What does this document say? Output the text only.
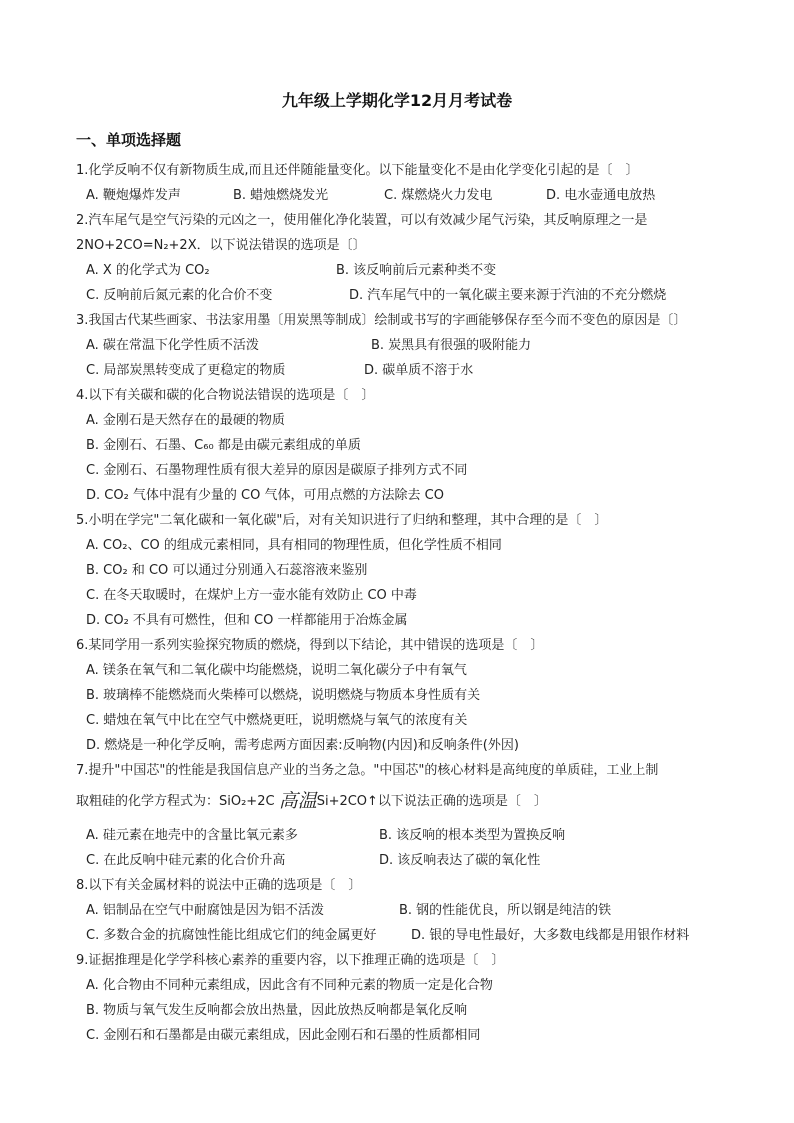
九年级上学期化学12月月考试卷
一、单项选择题
1.化学反响不仅有新物质生成,而且还伴随能量变化。以下能量变化不是由化学变化引起的是〔　〕
A. 鞭炮爆炸发声	B. 蜡烛燃烧发光	C. 煤燃烧火力发电	D. 电水壶通电放热
2.汽车尾气是空气污染的元凶之一，使用催化净化装置，可以有效减少尾气污染，其反响原理之一是
2NO+2CO=N₂+2X．以下说法错误的选项是〔〕
A. X 的化学式为 CO₂	B. 该反响前后元素种类不变
C. 反响前后氮元素的化合价不变	D. 汽车尾气中的一氧化碳主要来源于汽油的不充分燃烧
3.我国古代某些画家、书法家用墨〔用炭黑等制成〕绘制或书写的字画能够保存至今而不变色的原因是〔〕
A. 碳在常温下化学性质不活泼	B. 炭黑具有很强的吸附能力
C. 局部炭黑转变成了更稳定的物质	D. 碳单质不溶于水
4.以下有关碳和碳的化合物说法错误的选项是〔　〕
A. 金刚石是天然存在的最硬的物质
B. 金刚石、石墨、C₆₀ 都是由碳元素组成的单质
C. 金刚石、石墨物理性质有很大差异的原因是碳原子排列方式不同
D. CO₂ 气体中混有少量的 CO 气体，可用点燃的方法除去 CO
5.小明在学完"二氧化碳和一氧化碳"后，对有关知识进行了归纳和整理，其中合理的是〔　〕
A. CO₂、CO 的组成元素相同，具有相同的物理性质，但化学性质不相同
B. CO₂ 和 CO 可以通过分别通入石蕊溶液来鉴别
C. 在冬天取暖时，在煤炉上方一壶水能有效防止 CO 中毒
D. CO₂ 不具有可燃性，但和 CO 一样都能用于冶炼金属
6.某同学用一系列实验探究物质的燃烧，得到以下结论，其中错误的选项是〔　〕
A. 镁条在氧气和二氧化碳中均能燃烧，说明二氧化碳分子中有氧气
B. 玻璃棒不能燃烧而火柴棒可以燃烧，说明燃烧与物质本身性质有关
C. 蜡烛在氧气中比在空气中燃烧更旺，说明燃烧与氧气的浓度有关
D. 燃烧是一种化学反响，需考虑两方面因素:反响物(内因)和反响条件(外因)
7.提升"中国芯"的性能是我国信息产业的当务之急。"中国芯"的核心材料是高纯度的单质硅，工业上制
取粗硅的化学方程式为：SiO₂+2C 高温Si+2CO↑以下说法正确的选项是〔　〕
A. 硅元素在地壳中的含量比氧元素多	B. 该反响的根本类型为置换反响
C. 在此反响中硅元素的化合价升高	D. 该反响表达了碳的氧化性
8.以下有关金属材料的说法中正确的选项是〔　〕
A. 铝制品在空气中耐腐蚀是因为铝不活泼	B. 钢的性能优良，所以钢是纯洁的铁
C. 多数合金的抗腐蚀性能比组成它们的纯金属更好	D. 银的导电性最好，大多数电线都是用银作材料
9.证据推理是化学学科核心素养的重要内容，以下推理正确的选项是〔　〕
A. 化合物由不同种元素组成，因此含有不同种元素的物质一定是化合物
B. 物质与氧气发生反响都会放出热量，因此放热反响都是氧化反响
C. 金刚石和石墨都是由碳元素组成，因此金刚石和石墨的性质都相同
